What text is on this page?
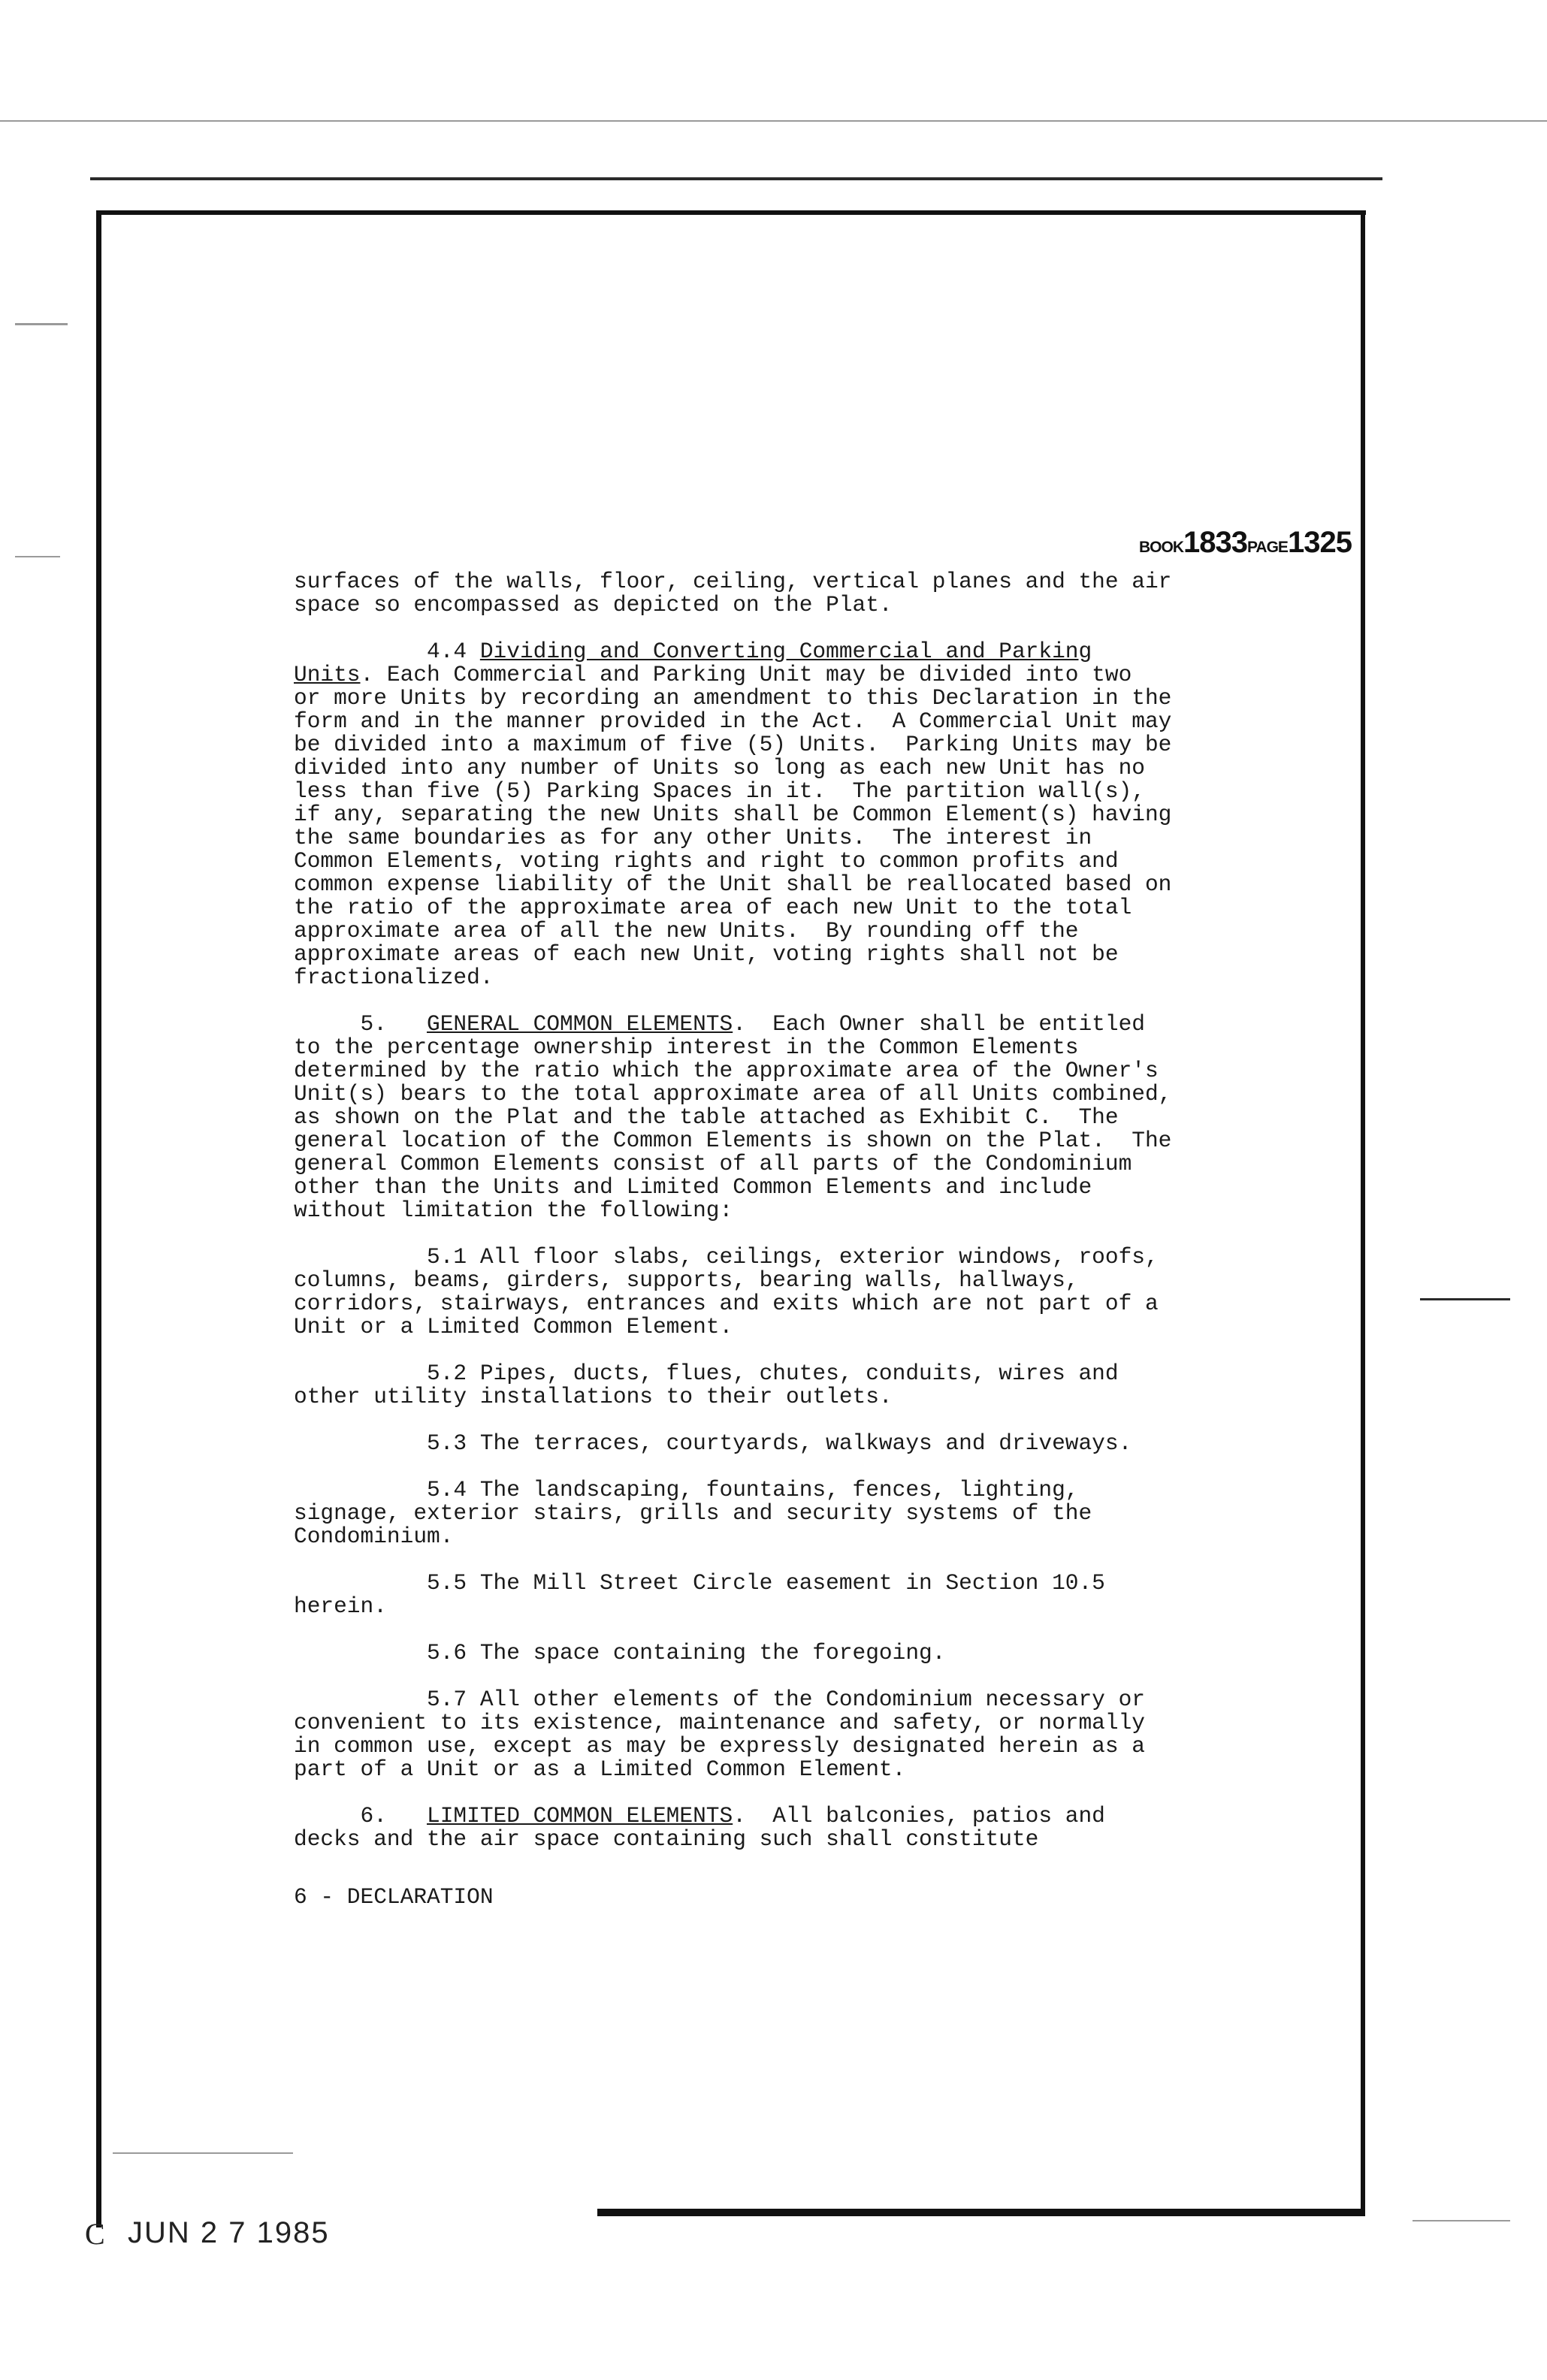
BOOK1833PAGE1325

surfaces of the walls, floor, ceiling, vertical planes and the air
space so encompassed as depicted on the Plat.

4.4 Dividing and Converting Commercial and Parking
Units. Each Commercial and Parking Unit may be divided into two
or more Units by recording an amendment to this Declaration in the
form and in the manner provided in the Act.  A Commercial Unit may
be divided into a maximum of five (5) Units.  Parking Units may be
divided into any number of Units so long as each new Unit has no
less than five (5) Parking Spaces in it.  The partition wall(s),
if any, separating the new Units shall be Common Element(s) having
the same boundaries as for any other Units.  The interest in
Common Elements, voting rights and right to common profits and
common expense liability of the Unit shall be reallocated based on
the ratio of the approximate area of each new Unit to the total
approximate area of all the new Units.  By rounding off the
approximate areas of each new Unit, voting rights shall not be
fractionalized.

5. GENERAL COMMON ELEMENTS.  Each Owner shall be entitled
to the percentage ownership interest in the Common Elements
determined by the ratio which the approximate area of the Owner's
Unit(s) bears to the total approximate area of all Units combined,
as shown on the Plat and the table attached as Exhibit C.  The
general location of the Common Elements is shown on the Plat.  The
general Common Elements consist of all parts of the Condominium
other than the Units and Limited Common Elements and include
without limitation the following:

5.1 All floor slabs, ceilings, exterior windows, roofs,
columns, beams, girders, supports, bearing walls, hallways,
corridors, stairways, entrances and exits which are not part of a
Unit or a Limited Common Element.

5.2 Pipes, ducts, flues, chutes, conduits, wires and
other utility installations to their outlets.

5.3 The terraces, courtyards, walkways and driveways.

5.4 The landscaping, fountains, fences, lighting,
signage, exterior stairs, grills and security systems of the
Condominium.

5.5 The Mill Street Circle easement in Section 10.5
herein.

5.6 The space containing the foregoing.

5.7 All other elements of the Condominium necessary or
convenient to its existence, maintenance and safety, or normally
in common use, except as may be expressly designated herein as a
part of a Unit or as a Limited Common Element.

6. LIMITED COMMON ELEMENTS.  All balconies, patios and
decks and the air space containing such shall constitute

6 - DECLARATION
C JUN 2 7 1985
